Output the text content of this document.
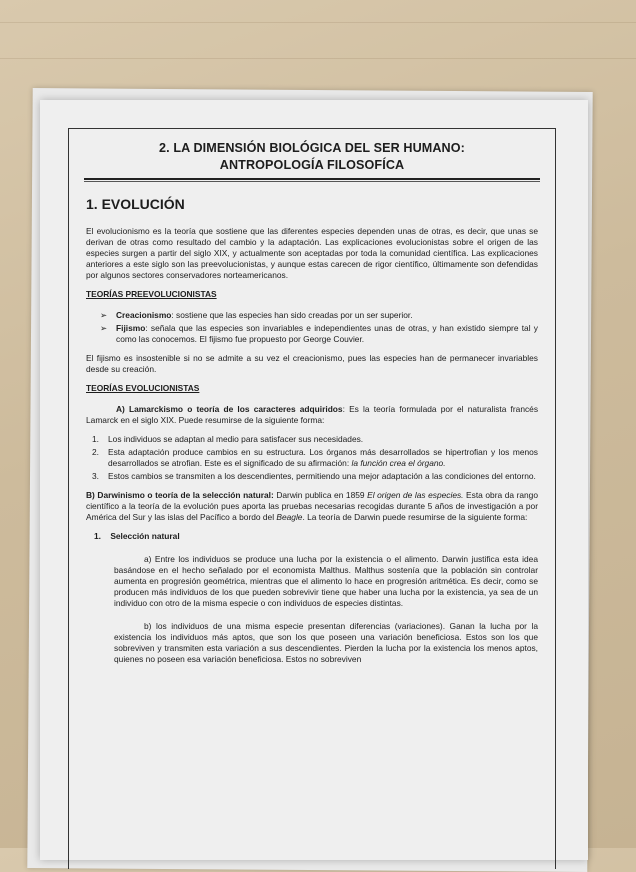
2. LA DIMENSIÓN BIOLÓGICA DEL SER HUMANO:
ANTROPOLOGÍA FILOSOFÍCA
1. EVOLUCIÓN

El evolucionismo es la teoría que sostiene que las diferentes especies dependen unas de otras, es decir, que unas se derivan de otras como resultado del cambio y la adaptación. Las explicaciones evolucionistas sobre el origen de las especies surgen a partir del siglo XIX, y actualmente son aceptadas por toda la comunidad científica. Las explicaciones anteriores a este siglo son las preevolucionistas, y aunque estas carecen de rigor científico, últimamente son defendidas por algunos sectores conservadores norteamericanos.

TEORÍAS PREEVOLUCIONISTAS
➢ Creacionismo: sostiene que las especies han sido creadas por un ser superior.
➢ Fijismo: señala que las especies son invariables e independientes unas de otras, y han existido siempre tal y como las conocemos. El fijismo fue propuesto por George Couvier.

El fijismo es insostenible si no se admite a su vez el creacionismo, pues las especies han de permanecer invariables desde su creación.

TEORÍAS EVOLUCIONISTAS

A) Lamarckismo o teoría de los caracteres adquiridos: Es la teoría formulada por el naturalista francés Lamarck en el siglo XIX. Puede resumirse de la siguiente forma:

1. Los individuos se adaptan al medio para satisfacer sus necesidades.
2. Esta adaptación produce cambios en su estructura. Los órganos más desarrollados se hipertrofian y los menos desarrollados se atrofian. Este es el significado de su afirmación: la función crea el órgano.
3. Estos cambios se transmiten a los descendientes, permitiendo una mejor adaptación a las condiciones del entorno.

B) Darwinismo o teoría de la selección natural: Darwin publica en 1859 El origen de las especies. Esta obra da rango científico a la teoría de la evolución pues aporta las pruebas necesarias recogidas durante 5 años de investigación a por América del Sur y las islas del Pacífico a bordo del Beagle. La teoría de Darwin puede resumirse de la siguiente forma:

1. Selección natural

a) Entre los individuos se produce una lucha por la existencia o el alimento. Darwin justifica esta idea basándose en el hecho señalado por el economista Malthus. Malthus sostenía que la población sin controlar aumenta en progresión geométrica, mientras que el alimento lo hace en progresión aritmética. Es decir, como se producen más individuos de los que pueden sobrevivir tiene que haber una lucha por la existencia, ya sea de un individuo con otro de la misma especie o con individuos de especies distintas.

b) los individuos de una misma especie presentan diferencias (variaciones). Ganan la lucha por la existencia los individuos más aptos, que son los que poseen una variación beneficiosa. Estos son los que sobreviven y transmiten esta variación a sus descendientes. Pierden la lucha por la existencia los menos aptos, quienes no poseen esa variación beneficiosa. Estos no sobreviven
